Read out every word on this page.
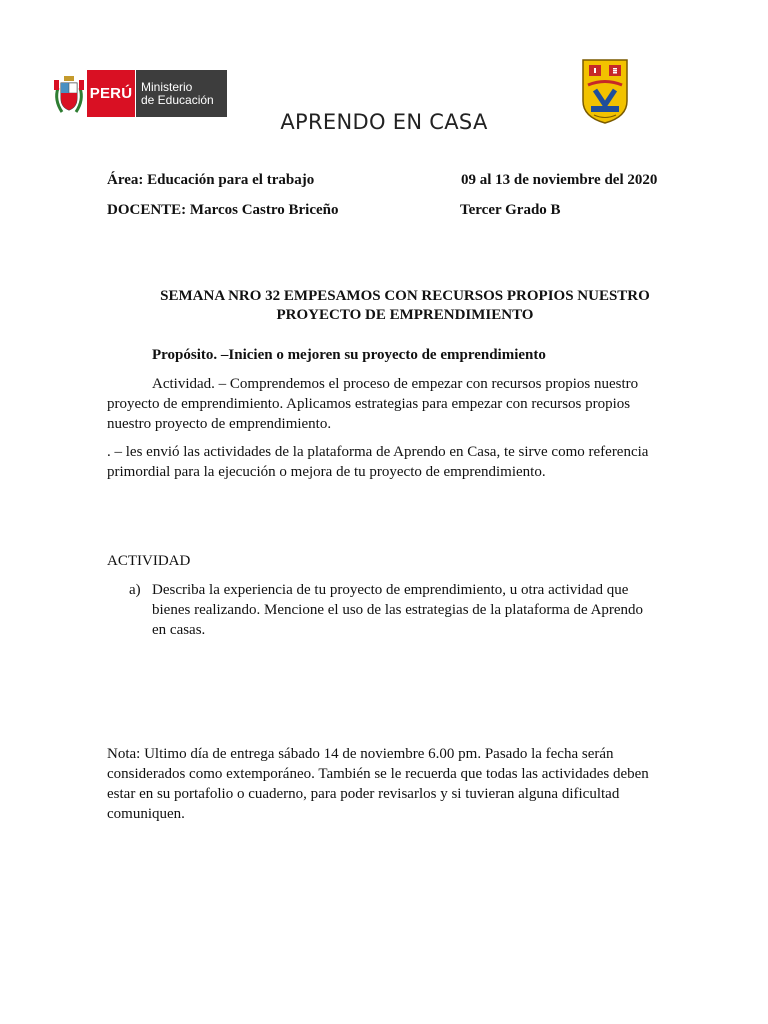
PERÚ Ministerio
de Educación
APRENDO EN CASA
Área: Educación para el trabajo	09 al 13 de noviembre del 2020
DOCENTE: Marcos Castro Briceño	Tercer Grado B
SEMANA NRO 32 EMPESAMOS CON RECURSOS PROPIOS NUESTRO PROYECTO DE EMPRENDIMIENTO
Propósito. –Inicien o mejoren su proyecto de emprendimiento
Actividad. – Comprendemos el proceso de empezar con recursos propios nuestro proyecto de emprendimiento. Aplicamos estrategias para empezar con recursos propios nuestro proyecto de emprendimiento.
. – les envió las actividades de la plataforma de Aprendo en Casa, te sirve como referencia primordial para la ejecución o mejora de tu proyecto de emprendimiento.
ACTIVIDAD
a) Describa la experiencia de tu proyecto de emprendimiento, u otra actividad que bienes realizando. Mencione el uso de las estrategias de la plataforma de Aprendo en casas.
Nota: Ultimo día de entrega sábado 14 de noviembre 6.00 pm. Pasado la fecha serán considerados como extemporáneo. También se le recuerda que todas las actividades deben estar en su portafolio o cuaderno, para poder revisarlos y si tuvieran alguna dificultad comuniquen.
